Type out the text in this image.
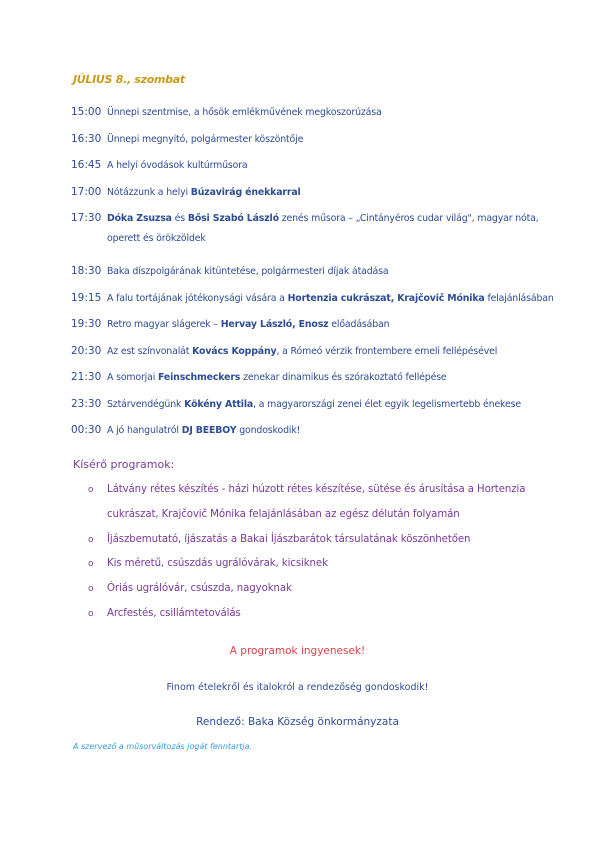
JÚLIUS 8., szombat
15:00 Ünnepi szentmise, a hősök emlékművének megkoszorúzása
16:30 Ünnepi megnyitó, polgármester köszöntője
16:45 A helyi óvodások kultúrműsora
17:00 Nótázzunk a helyi Búzavirág énekkarral
17:30 Dóka Zsuzsa és Bősi Szabó László zenés műsora – „Cintányéros cudar világ", magyar nóta,
operett és örökzöldek
18:30 Baka díszpolgárának kitüntetése, polgármesteri díjak átadása
19:15 A falu tortájának jótékonysági vására a Hortenzia cukrászat, Krajčovič Mónika felajánlásában
19:30 Retro magyar slágerek – Hervay László, Enosz előadásában
20:30 Az est színvonalát Kovács Koppány, a Rómeó vérzik frontembere emeli fellépésével
21:30 A somorjai Feinschmeckers zenekar dinamikus és szórakoztató fellépése
23:30 Sztárvendégünk Kökény Attila, a magyarországi zenei élet egyik legelismertebb énekese
00:30 A jó hangulatról DJ BEEBOY gondoskodik!
Kísérő programok:
o Látvány rétes készítés - házi húzott rétes készítése, sütése és árusítása a Hortenzia
cukrászat, Krajčovič Mónika felajánlásában az egész délután folyamán
o Íjászbemutató, íjászatás a Bakai Íjászbarátok társulatának köszönhetően
o Kis méretű, csúszdás ugrálóvárak, kicsiknek
o Óriás ugrálóvár, csúszda, nagyoknak
o Arcfestés, csillámtetoválás
A programok ingyenesek!
Finom ételekről és italokról a rendezőség gondoskodik!
Rendező: Baka Község önkormányzata
A szervező a műsorváltozás jogát fenntartja.
